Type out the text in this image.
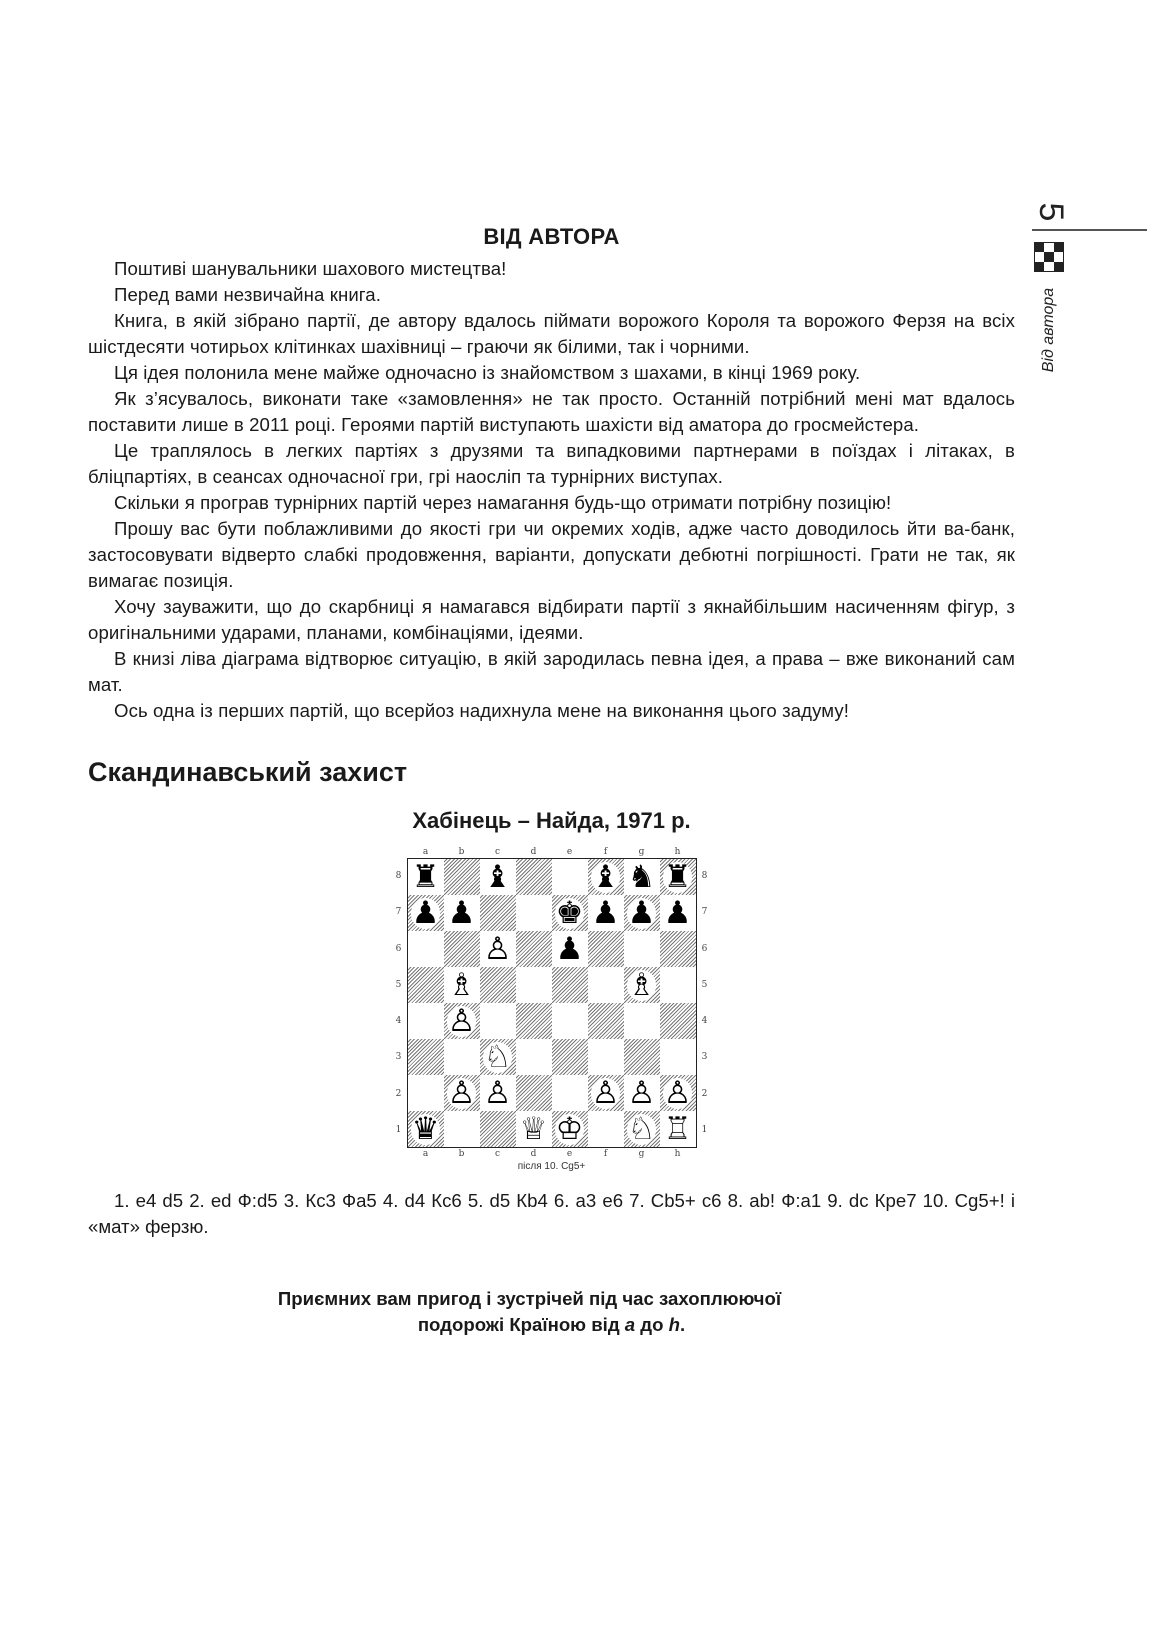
5
Від автора
ВІД АВТОРА

Поштиві шанувальники шахового мистецтва!

Перед вами незвичайна книга.

Книга, в якій зібрано партії, де автору вдалось піймати ворожого Короля та ворожого Ферзя на всіх шістдесяти чотирьох клітинках шахівниці – граючи як білими, так і чорними.

Ця ідея полонила мене майже одночасно із знайомством з шахами, в кінці 1969 року.

Як з’ясувалось, виконати таке «замовлення» не так просто. Останній потрібний мені мат вдалось поставити лише в 2011 році. Героями партій виступають шахісти від аматора до гросмейстера.

Це траплялось в легких партіях з друзями та випадковими партнерами в поїздах і літаках, в бліцпартіях, в сеансах одночасної гри, грі наосліп та турнірних виступах.

Скільки я програв турнірних партій через намагання будь-що отримати потрібну позицію!

Прошу вас бути поблажливими до якості гри чи окремих ходів, адже часто доводилось йти ва-банк, застосовувати відверто слабкі продовження, варіанти, допускати дебютні погрішності. Грати не так, як вимагає позиція.

Хочу зауважити, що до скарбниці я намагався відбирати партії з якнайбільшим насиченням фігур, з оригінальними ударами, планами, комбінаціями, ідеями.

В книзі ліва діаграма відтворює ситуацію, в якій зародилась певна ідея, а права – вже виконаний сам мат.

Ось одна із перших партій, що всерйоз надихнула мене на виконання цього задуму!

Скандинавський захист
Хабінець – Найда, 1971 р.
a	b	c	d	e	f	g	h
8
7
6
5
4
3
2
1
♜ ♝	♝ ♞ ♜
♟ ♟	♚ ♟ ♟ ♟
♙ ♟
♗	♗
♙
♘
♙ ♙	♙ ♙ ♙
♛	♕ ♔ ♘ ♖
8
7
6
5
4
3
2
1
a	b	c	d	e	f	g	h
після 10. Cg5+

1. e4 d5 2. ed Ф:d5 3. Кc3 Фa5 4. d4 Кc6 5. d5 Кb4 6. a3 e6 7. Сb5+ c6 8. ab! Ф:a1 9. dc Кре7 10. Cg5+! і «мат» ферзю.

Приємних вам пригод і зустрічей під час захоплюючої
подорожі Країною від a до h.
